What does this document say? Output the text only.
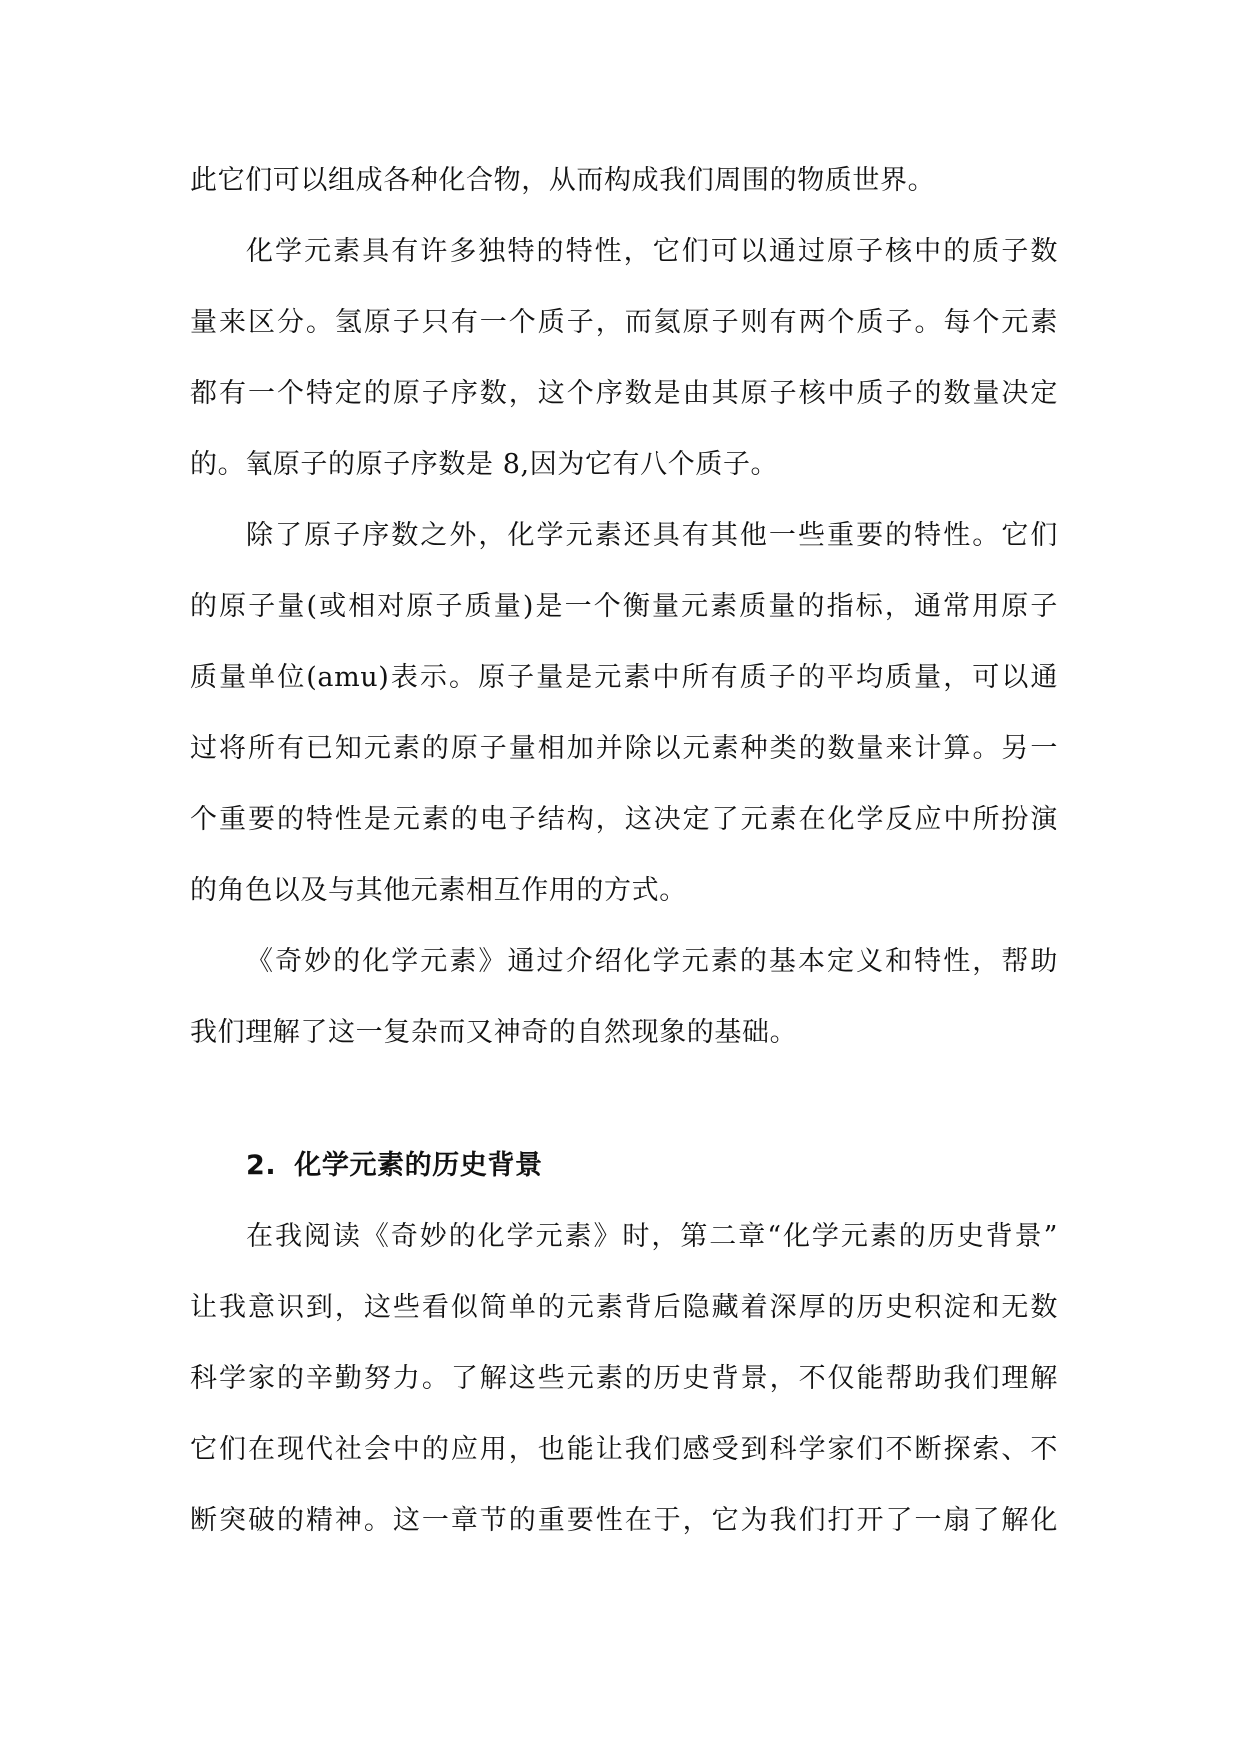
此它们可以组成各种化合物，从而构成我们周围的物质世界。
化学元素具有许多独特的特性，它们可以通过原子核中的质子数
量来区分。氢原子只有一个质子，而氦原子则有两个质子。每个元素
都有一个特定的原子序数，这个序数是由其原子核中质子的数量决定
的。氧原子的原子序数是 8,因为它有八个质子。
除了原子序数之外，化学元素还具有其他一些重要的特性。它们
的原子量(或相对原子质量)是一个衡量元素质量的指标，通常用原子
质量单位(amu)表示。原子量是元素中所有质子的平均质量，可以通
过将所有已知元素的原子量相加并除以元素种类的数量来计算。另一
个重要的特性是元素的电子结构，这决定了元素在化学反应中所扮演
的角色以及与其他元素相互作用的方式。
《奇妙的化学元素》通过介绍化学元素的基本定义和特性，帮助
我们理解了这一复杂而又神奇的自然现象的基础。
2. 化学元素的历史背景
在我阅读《奇妙的化学元素》时，第二章“化学元素的历史背景”
让我意识到，这些看似简单的元素背后隐藏着深厚的历史积淀和无数
科学家的辛勤努力。了解这些元素的历史背景，不仅能帮助我们理解
它们在现代社会中的应用，也能让我们感受到科学家们不断探索、不
断突破的精神。这一章节的重要性在于，它为我们打开了一扇了解化
